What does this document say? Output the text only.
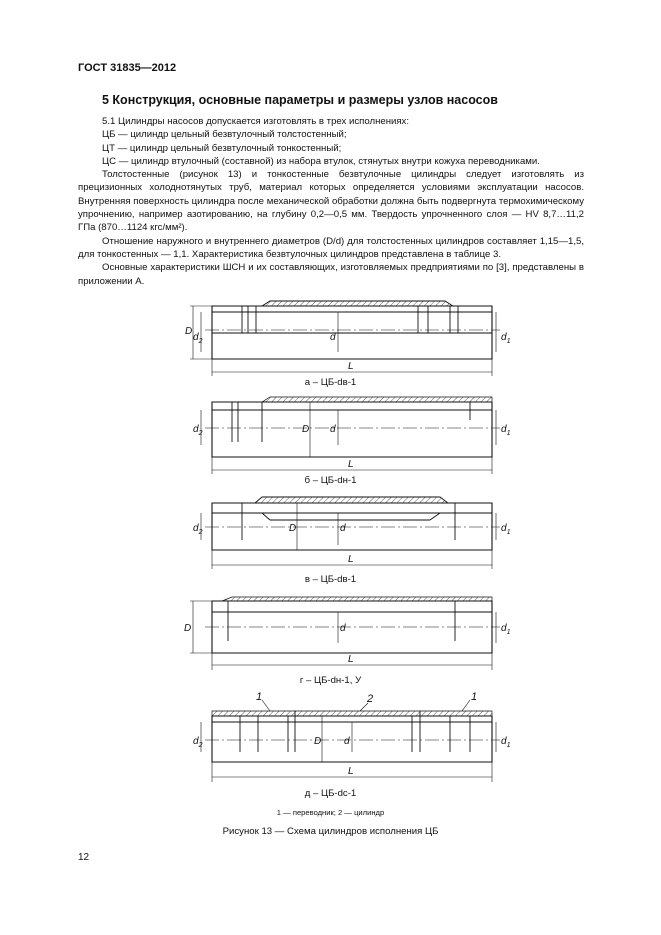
ГОСТ 31835—2012
5 Конструкция, основные параметры и размеры узлов насосов

5.1 Цилиндры насосов допускается изготовлять в трех исполнениях:

ЦБ — цилиндр цельный безвтулочный толстостенный;

ЦТ — цилиндр цельный безвтулочный тонкостенный;

ЦС — цилиндр втулочный (составной) из набора втулок, стянутых внутри кожуха переводниками.

Толстостенные (рисунок 13) и тонкостенные безвтулочные цилиндры следует изготовлять из прецизионных холоднотянутых труб, материал которых определяется условиями эксплуатации насосов. Внутренняя поверхность цилиндра после механической обработки должна быть подвергнута термохимическому упрочнению, например азотированию, на глубину 0,2—0,5 мм. Твердость упрочненного слоя — HV 8,7…11,2 ГПа (870…1124 кгс/мм²).

Отношение наружного и внутреннего диаметров (D/d) для толстостенных цилиндров составляет 1,15—1,5, для тонкостенных — 1,1. Характеристика безвтулочных цилиндров представлена в таблице 3.

Основные характеристики ШСН и их составляющих, изготовляемых предприятиями по [3], представлены в приложении А.

D
$d_2$	d	$d_1$
L
$d_2$	D d	$d_1$
L
$d_2$	D	d	$d_1$
L
D	d	$d_1$
L
$d_2$	D d	$d_1$
L
1	2	1
а – ЦБ-dв-1
б – ЦБ-dн-1
в – ЦБ-dв-1
г – ЦБ-dн-1, У
д – ЦБ-dс-1
1 — переводник; 2 — цилиндр
Рисунок 13 — Схема цилиндров исполнения ЦБ
12
